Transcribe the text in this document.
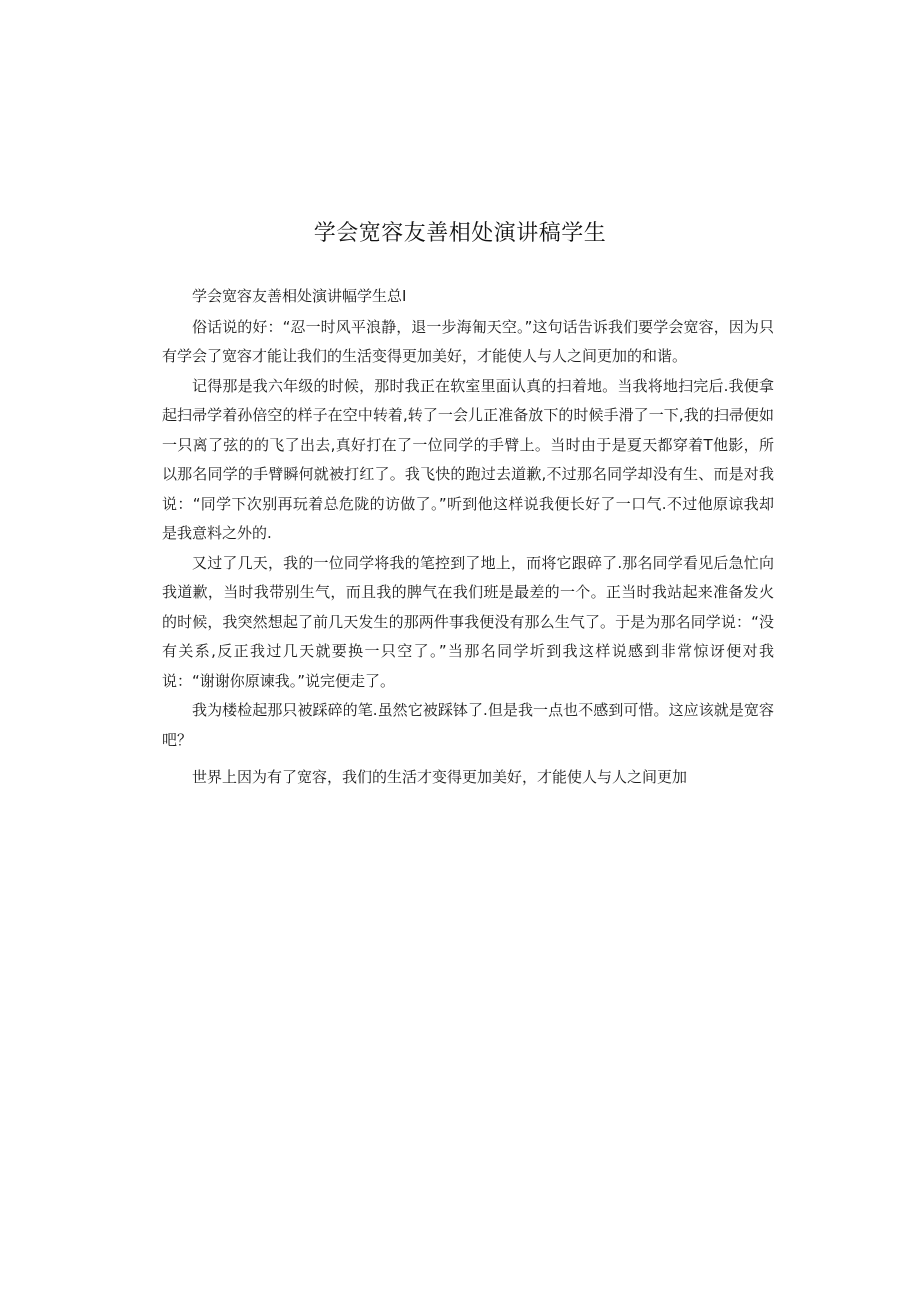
学会宽容友善相处演讲稿学生

学会宽容友善相处演讲幅学生总I

俗话说的好：“忍一时风平浪静，退一步海匍天空。”这句话告诉我们要学会宽容，因为只有学会了宽容才能让我们的生活变得更加美好，才能使人与人之间更加的和谐。

记得那是我六年级的时候，那时我正在软室里面认真的扫着地。当我将地扫完后.我便拿起扫帚学着孙倍空的样子在空中转着,转了一会儿正准备放下的时候手滑了一下,我的扫帚便如一只离了弦的的飞了出去,真好打在了一位同学的手臂上。当时由于是夏天都穿着T他影，所以那名同学的手臂瞬何就被打红了。我飞快的跑过去道歉,不过那名同学却没有生、而是对我说：“同学下次别再玩着总危陇的访做了。”听到他这样说我便长好了一口气.不过他原谅我却是我意料之外的.

又过了几天，我的一位同学将我的笔控到了地上，而将它跟碎了.那名同学看见后急忙向我道歉，当时我带别生气，而且我的脾气在我们班是最差的一个。正当时我站起来准备发火的时候，我突然想起了前几天发生的那两件事我便没有那么生气了。于是为那名同学说：“没有关系,反正我过几天就要换一只空了。”当那名同学圻到我这样说感到非常惊讶便对我说：“谢谢你原谏我。”说完便走了。

我为楼检起那只被踩碎的笔.虽然它被踩钵了.但是我一点也不感到可惜。这应该就是宽容吧？

世界上因为有了宽容，我们的生活才变得更加美好，才能使人与人之间更加
